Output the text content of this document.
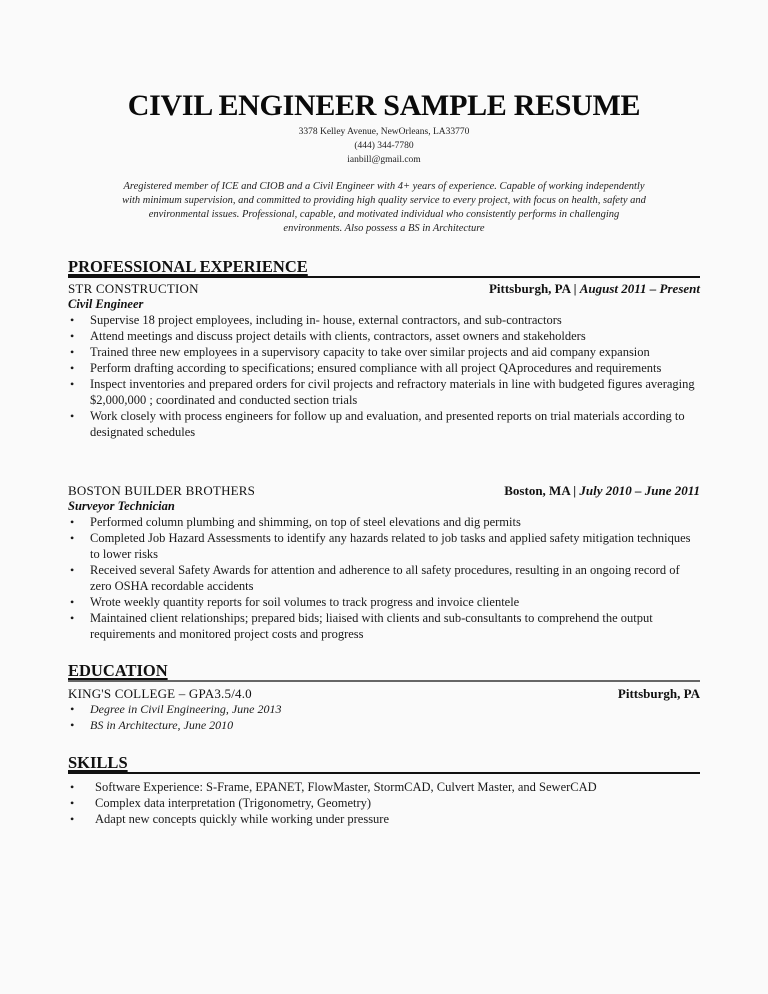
CIVIL ENGINEER SAMPLE RESUME
3378 Kelley Avenue, NewOrleans, LA33770
(444) 344-7780
ianbill@gmail.com
Aregistered member of ICE and CIOB and a Civil Engineer with 4+ years of experience. Capable of working independently
with minimum supervision, and committed to providing high quality service to every project, with focus on health, safety and
environmental issues. Professional, capable, and motivated individual who consistently performs in challenging
environments. Also possess a BS in Architecture
PROFESSIONAL EXPERIENCE
STR CONSTRUCTION	Pittsburgh, PA | August 2011 – Present
Civil Engineer
• Supervise 18 project employees, including in- house, external contractors, and sub-contractors
• Attend meetings and discuss project details with clients, contractors, asset owners and stakeholders
• Trained three new employees in a supervisory capacity to take over similar projects and aid company expansion
• Perform drafting according to specifications; ensured compliance with all project QAprocedures and requirements
• Inspect inventories and prepared orders for civil projects and refractory materials in line with budgeted figures averaging $2,000,000 ; coordinated and conducted section trials
• Work closely with process engineers for follow up and evaluation, and presented reports on trial materials according to designated schedules
BOSTON BUILDER BROTHERS	Boston, MA | July 2010 – June 2011
Surveyor Technician
• Performed column plumbing and shimming, on top of steel elevations and dig permits
• Completed Job Hazard Assessments to identify any hazards related to job tasks and applied safety mitigation techniques to lower risks
• Received several Safety Awards for attention and adherence to all safety procedures, resulting in an ongoing record of zero OSHA recordable accidents
• Wrote weekly quantity reports for soil volumes to track progress and invoice clientele
• Maintained client relationships; prepared bids; liaised with clients and sub-consultants to comprehend the output requirements and monitored project costs and progress
EDUCATION
KING'S COLLEGE – GPA3.5/4.0	Pittsburgh, PA
• Degree in Civil Engineering, June 2013
• BS in Architecture, June 2010
SKILLS
• Software Experience: S-Frame, EPANET, FlowMaster, StormCAD, Culvert Master, and SewerCAD
• Complex data interpretation (Trigonometry, Geometry)
• Adapt new concepts quickly while working under pressure
